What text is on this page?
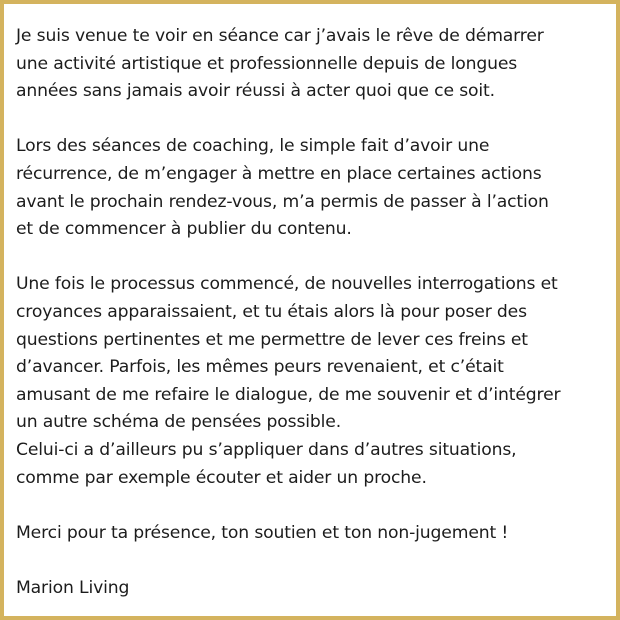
Je suis venue te voir en séance car j’avais le rêve de démarrer
une activité artistique et professionnelle depuis de longues
années sans jamais avoir réussi à acter quoi que ce soit.
Lors des séances de coaching, le simple fait d’avoir une
récurrence, de m’engager à mettre en place certaines actions
avant le prochain rendez-vous, m’a permis de passer à l’action
et de commencer à publier du contenu.
Une fois le processus commencé, de nouvelles interrogations et
croyances apparaissaient, et tu étais alors là pour poser des
questions pertinentes et me permettre de lever ces freins et
d’avancer. Parfois, les mêmes peurs revenaient, et c’était
amusant de me refaire le dialogue, de me souvenir et d’intégrer
un autre schéma de pensées possible.
Celui-ci a d’ailleurs pu s’appliquer dans d’autres situations,
comme par exemple écouter et aider un proche.
Merci pour ta présence, ton soutien et ton non-jugement !
Marion Living
